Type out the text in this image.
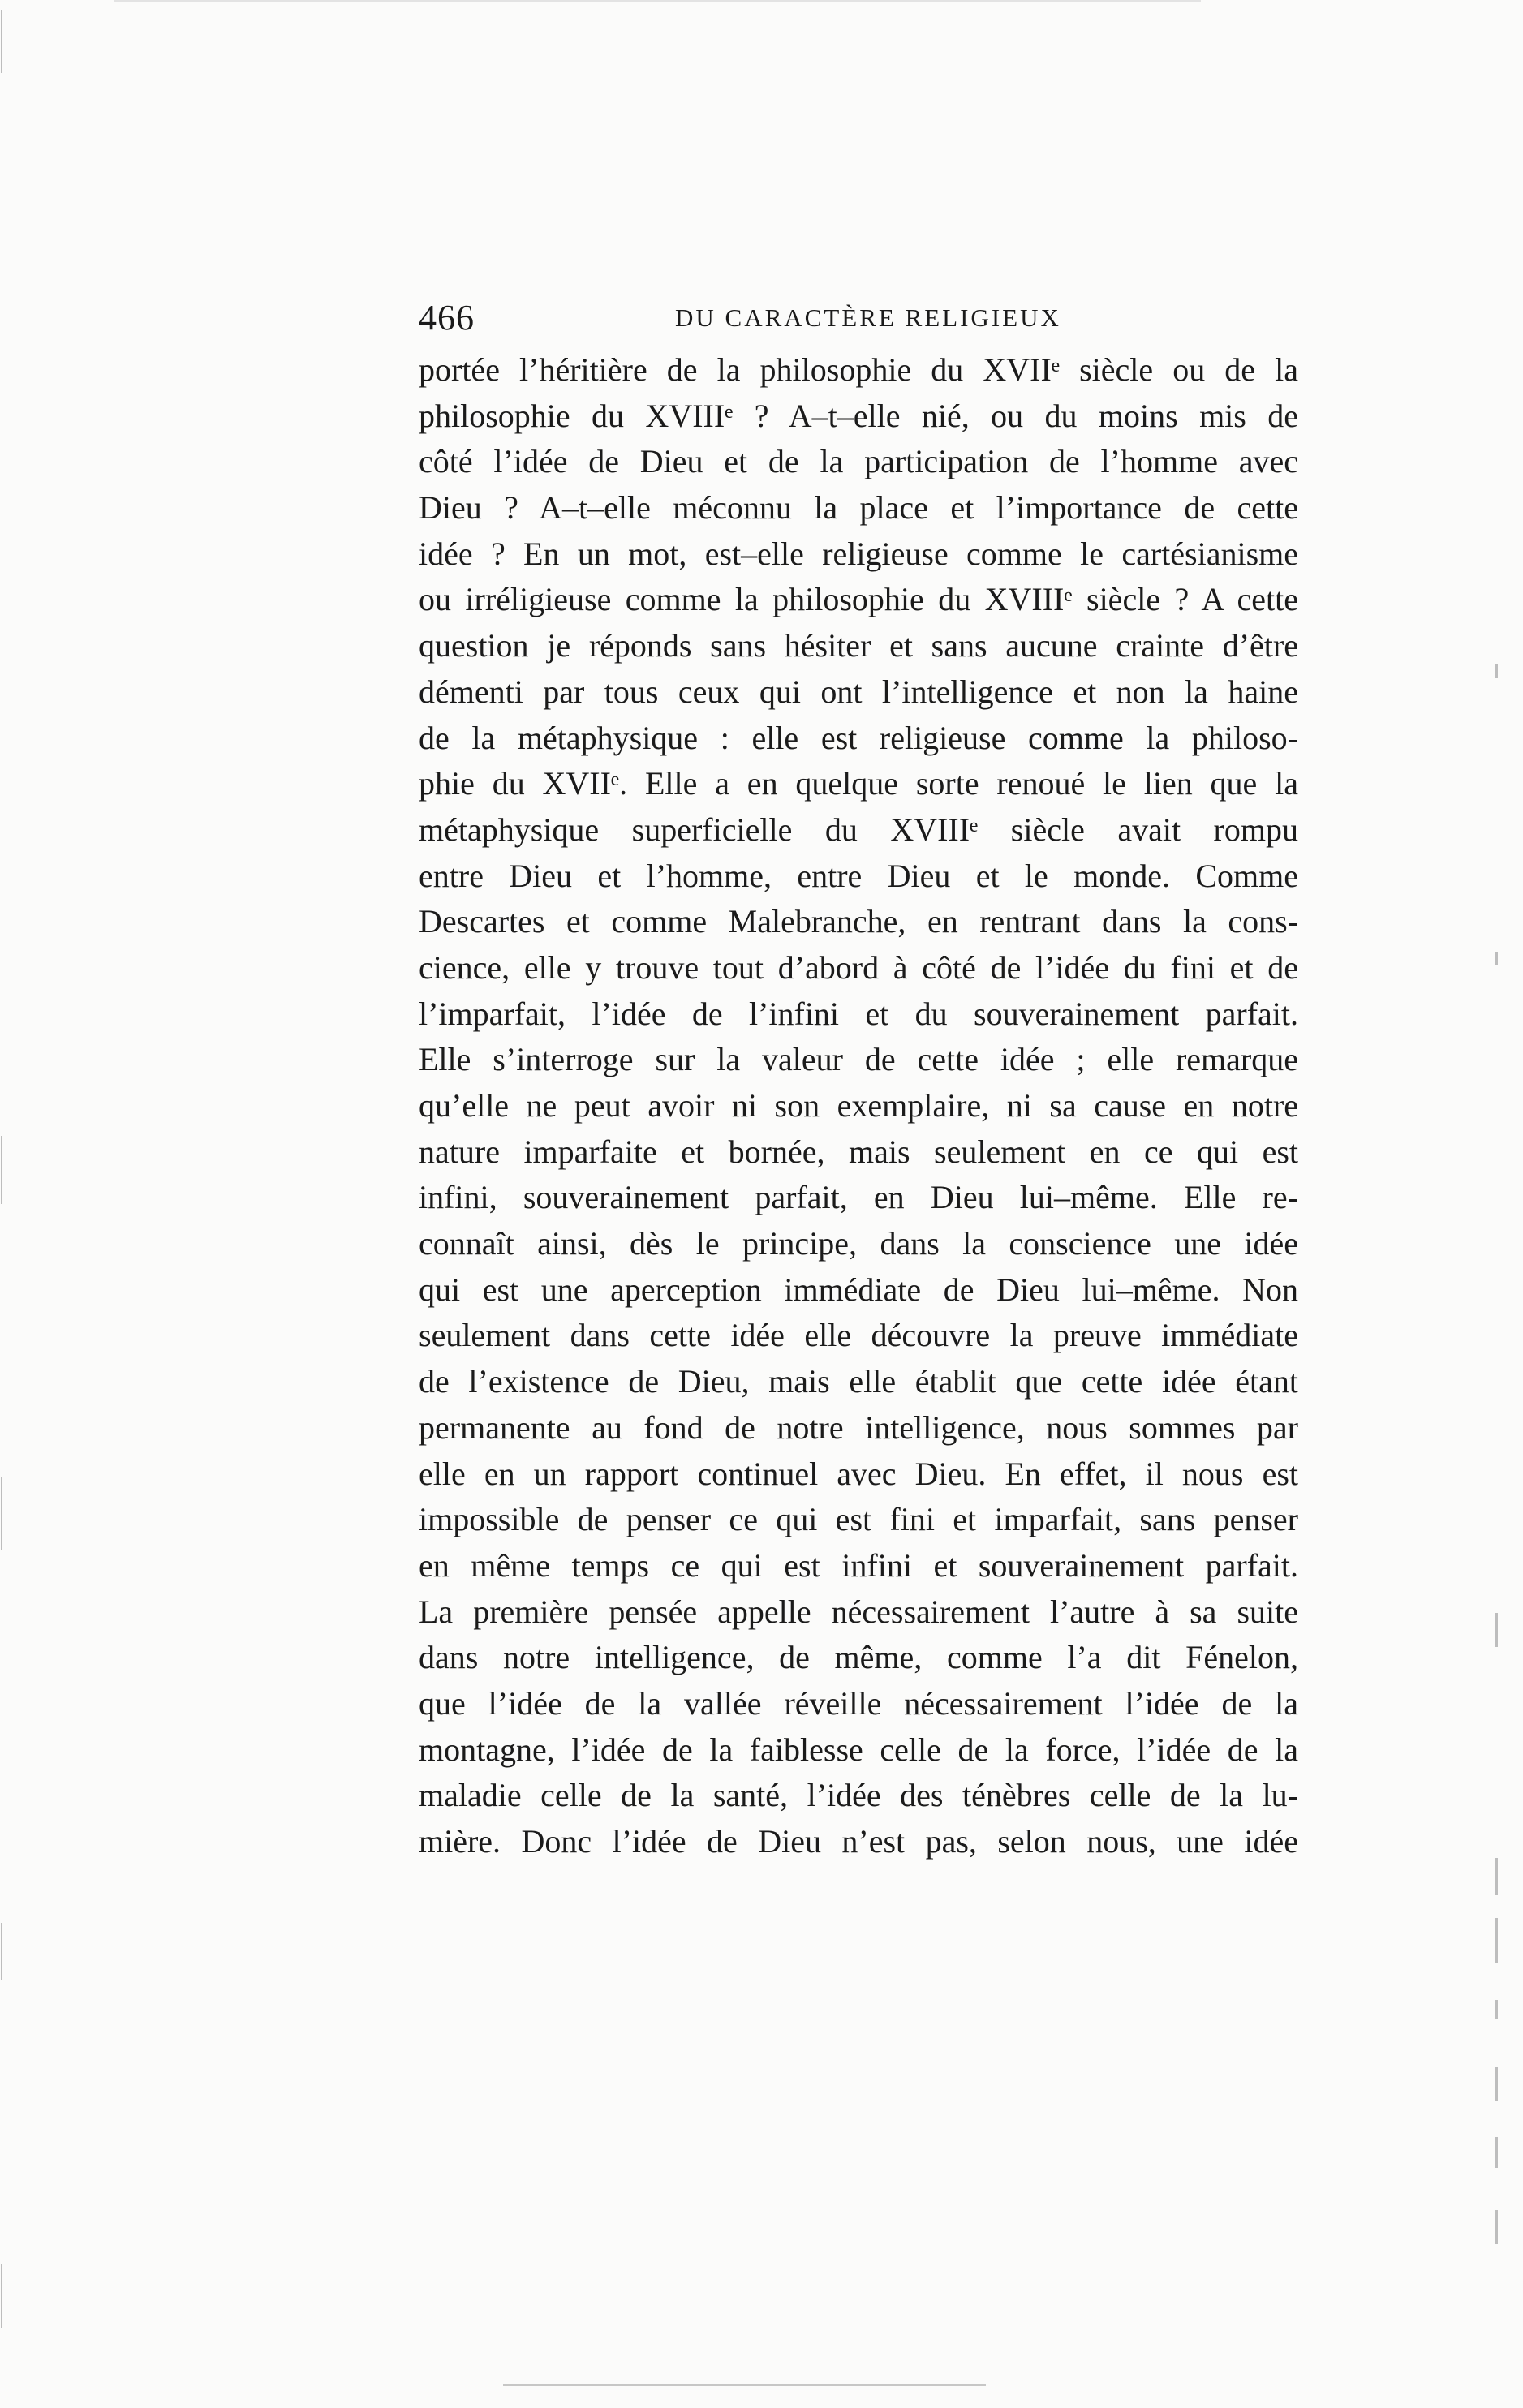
466	DU CARACTÈRE RELIGIEUX
portée l’héritière de la philosophie du XVIIᵉ siècle ou de la
philosophie du XVIIIᵉ ? A–t–elle nié, ou du moins mis de
côté l’idée de Dieu et de la participation de l’homme avec
Dieu ? A–t–elle méconnu la place et l’importance de cette
idée ? En un mot, est–elle religieuse comme le cartésianisme
ou irréligieuse comme la philosophie du XVIIIᵉ siècle ? A cette
question je réponds sans hésiter et sans aucune crainte d’être
démenti par tous ceux qui ont l’intelligence et non la haine
de la métaphysique : elle est religieuse comme la philoso-
phie du XVIIᵉ. Elle a en quelque sorte renoué le lien que la
métaphysique superficielle du XVIIIᵉ siècle avait rompu
entre Dieu et l’homme, entre Dieu et le monde. Comme
Descartes et comme Malebranche, en rentrant dans la cons-
cience, elle y trouve tout d’abord à côté de l’idée du fini et de
l’imparfait, l’idée de l’infini et du souverainement parfait.
Elle s’interroge sur la valeur de cette idée ; elle remarque
qu’elle ne peut avoir ni son exemplaire, ni sa cause en notre
nature imparfaite et bornée, mais seulement en ce qui est
infini, souverainement parfait, en Dieu lui–même. Elle re-
connaît ainsi, dès le principe, dans la conscience une idée
qui est une aperception immédiate de Dieu lui–même. Non
seulement dans cette idée elle découvre la preuve immédiate
de l’existence de Dieu, mais elle établit que cette idée étant
permanente au fond de notre intelligence, nous sommes par
elle en un rapport continuel avec Dieu. En effet, il nous est
impossible de penser ce qui est fini et imparfait, sans penser
en même temps ce qui est infini et souverainement parfait.
La première pensée appelle nécessairement l’autre à sa suite
dans notre intelligence, de même, comme l’a dit Fénelon,
que l’idée de la vallée réveille nécessairement l’idée de la
montagne, l’idée de la faiblesse celle de la force, l’idée de la
maladie celle de la santé, l’idée des ténèbres celle de la lu-
mière. Donc l’idée de Dieu n’est pas, selon nous, une idée
